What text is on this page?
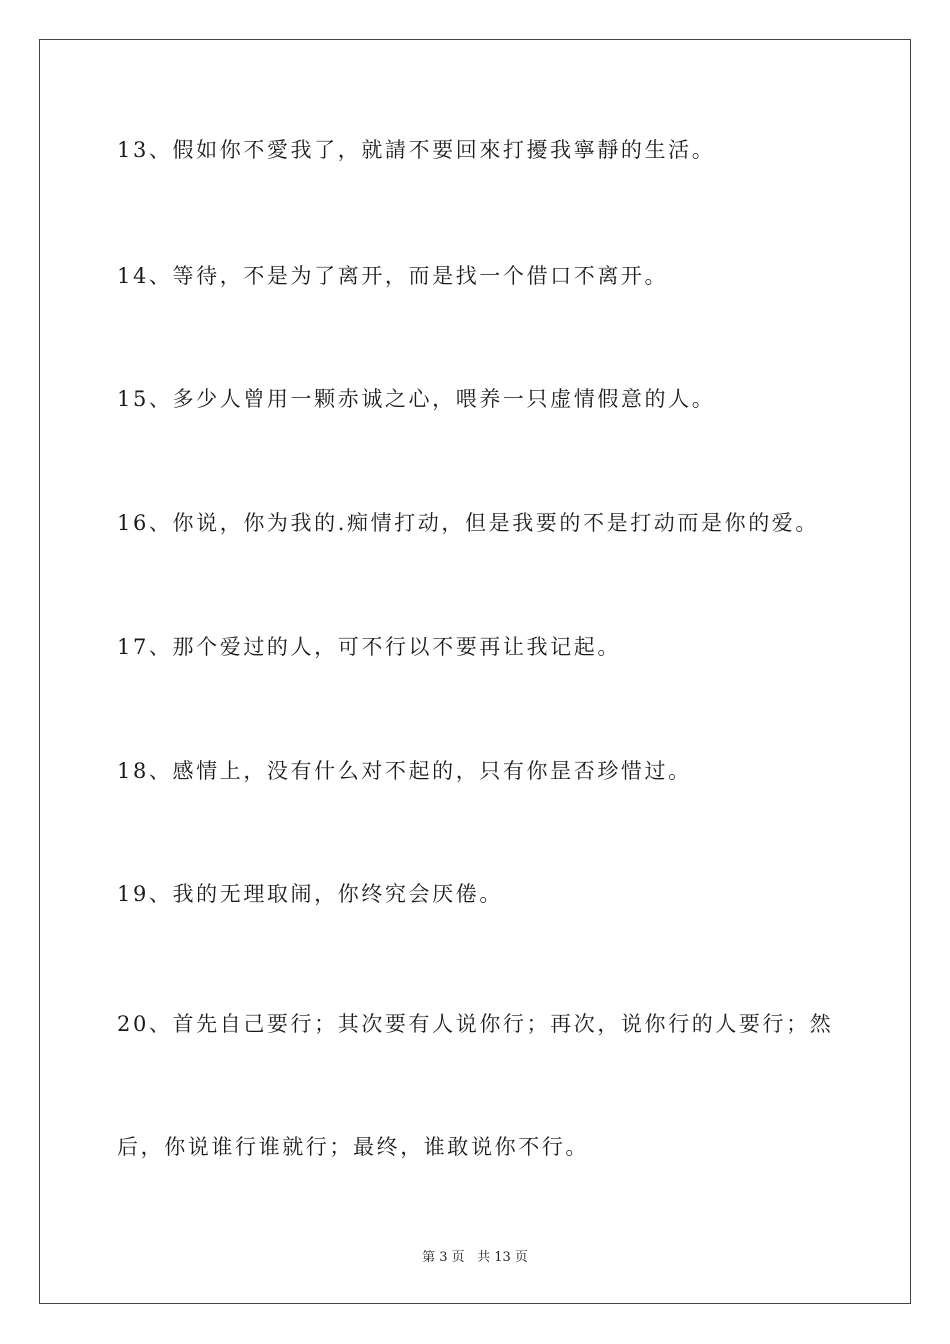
13、假如你不愛我了，就請不要回來打擾我寧靜的生活。
14、等待，不是为了离开，而是找一个借口不离开。
15、多少人曾用一颗赤诚之心，喂养一只虚情假意的人。
16、你说，你为我的.痴情打动，但是我要的不是打动而是你的爱。
17、那个爱过的人，可不行以不要再让我记起。
18、感情上，没有什么对不起的，只有你昰否珍惜过。
19、我的无理取闹，你终究会厌倦。
20、首先自己要行；其次要有人说你行；再次，说你行的人要行；然
后，你说谁行谁就行；最终，谁敢说你不行。
第 3 页 共 13 页
